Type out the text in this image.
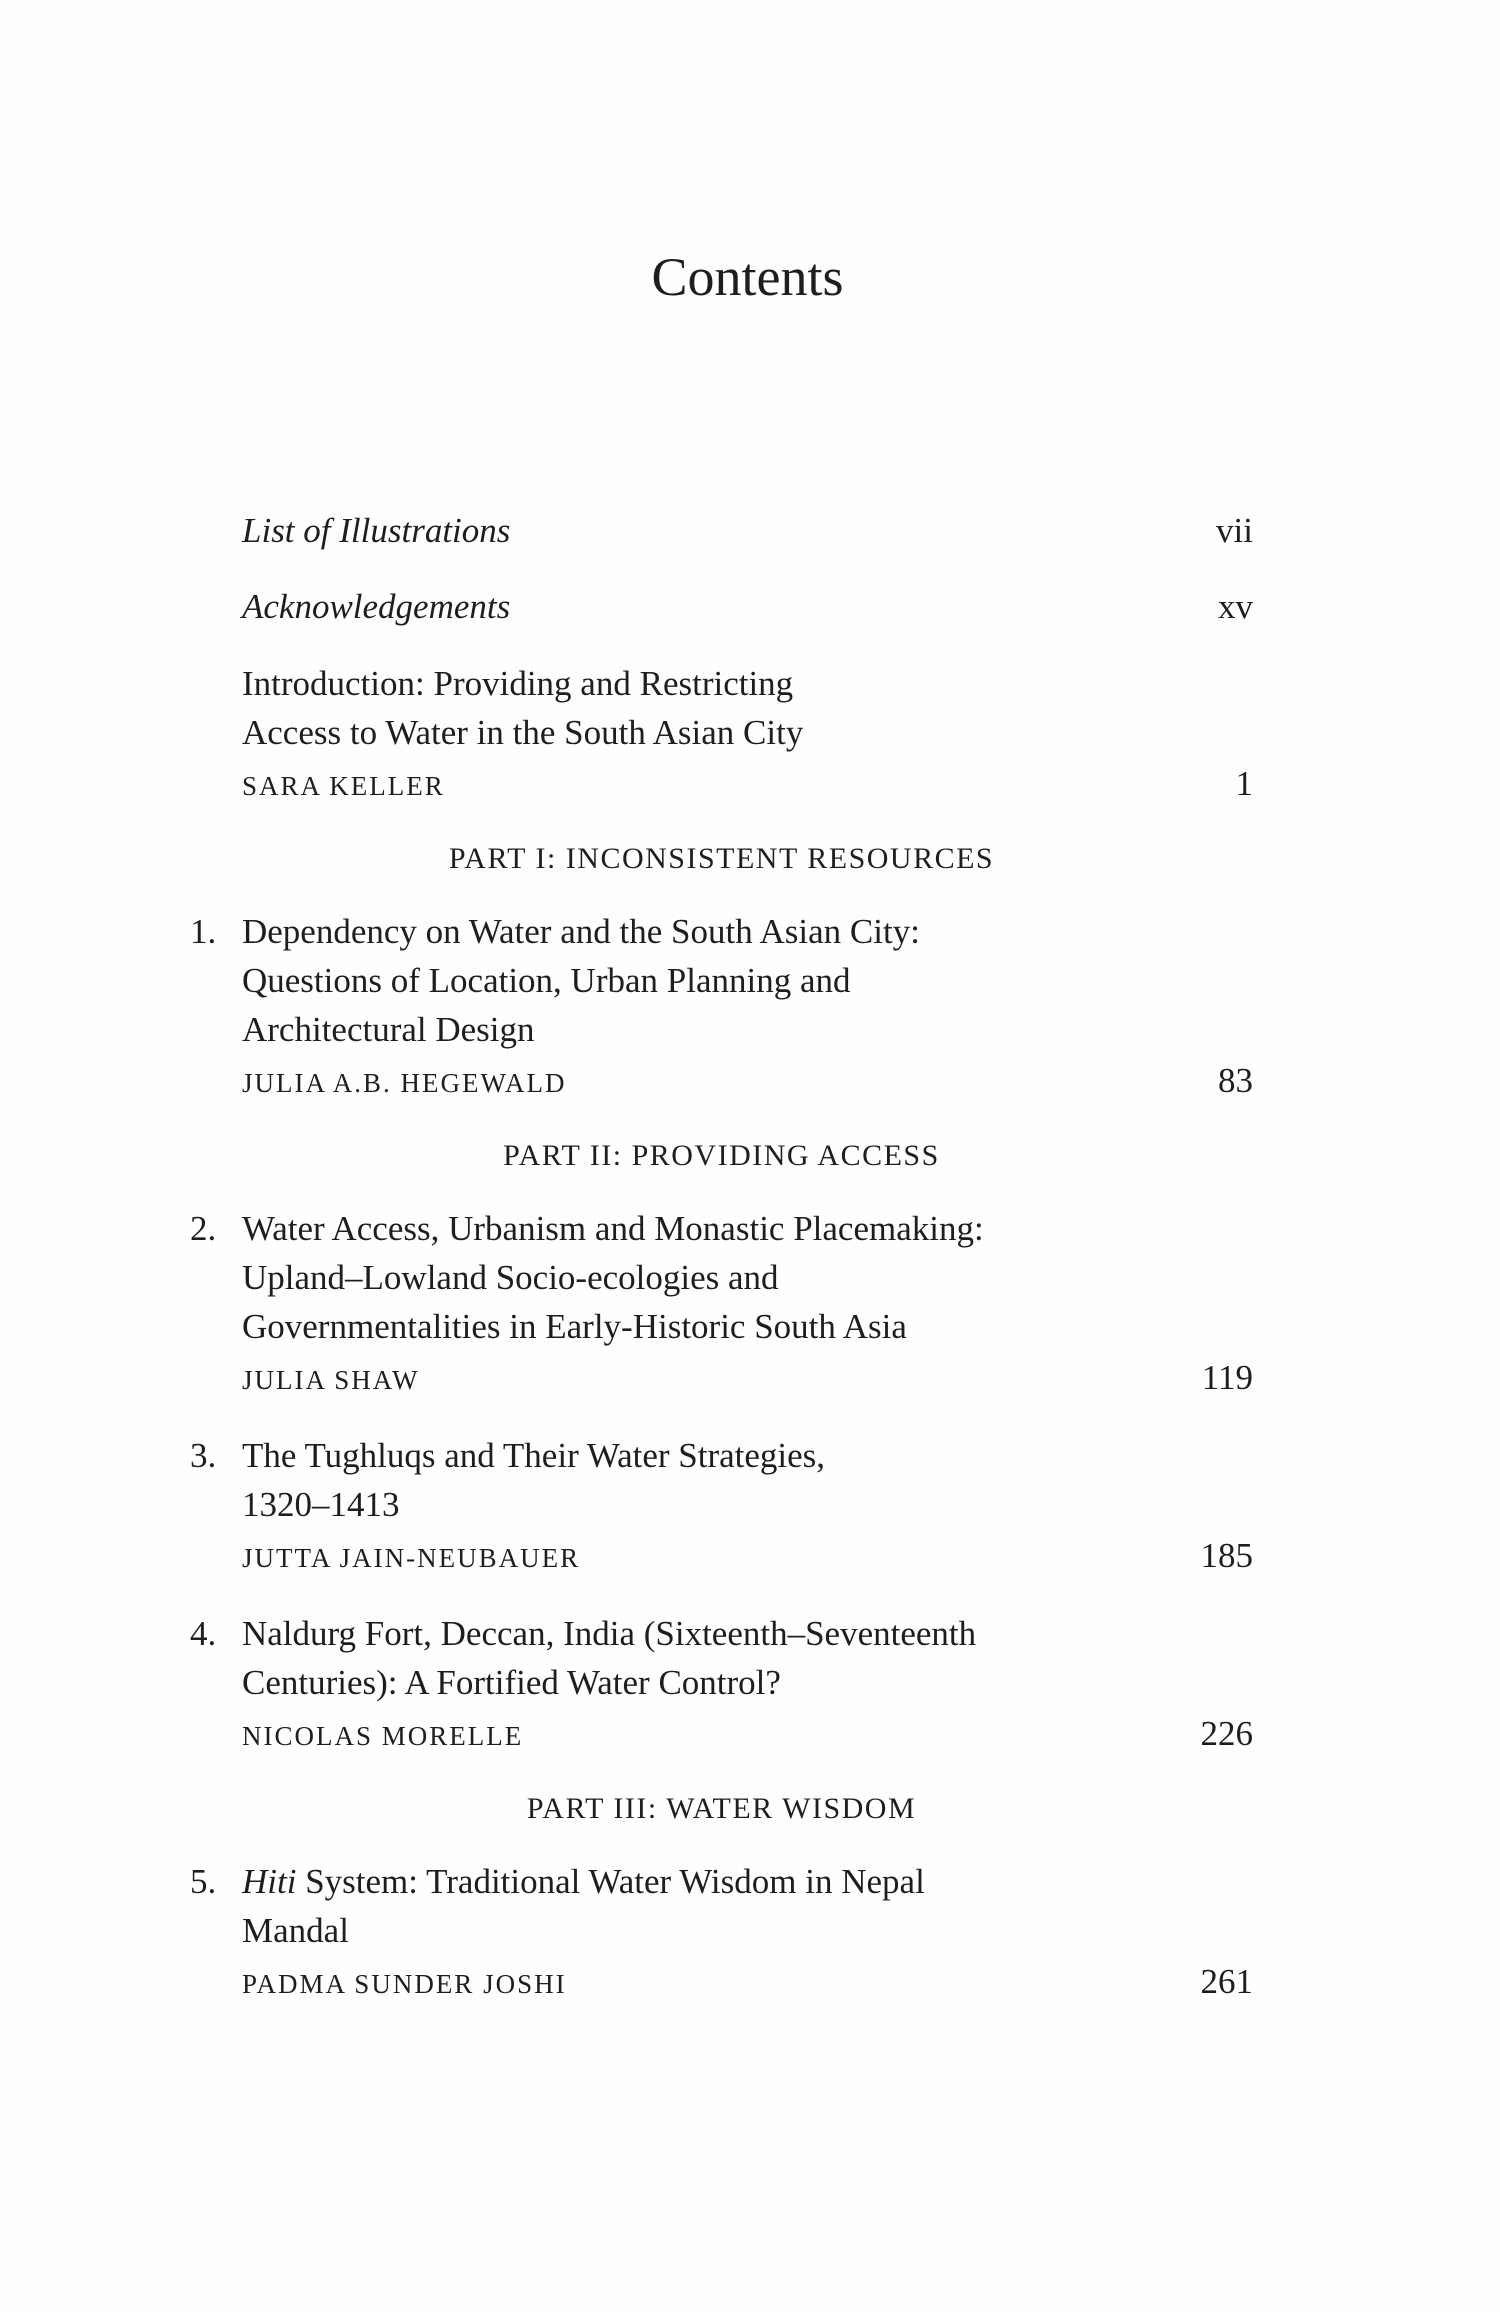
Contents
List of Illustrations	vii
Acknowledgements	xv
Introduction: Providing and Restricting
Access to Water in the South Asian City
SARA KELLER	1
PART I: INCONSISTENT RESOURCES
1. Dependency on Water and the South Asian City:
Questions of Location, Urban Planning and
Architectural Design
JULIA A.B. HEGEWALD	83
PART II: PROVIDING ACCESS
2. Water Access, Urbanism and Monastic Placemaking:
Upland–Lowland Socio-ecologies and
Governmentalities in Early-Historic South Asia
JULIA SHAW	119
3. The Tughluqs and Their Water Strategies,
1320–1413
JUTTA JAIN-NEUBAUER	185
4. Naldurg Fort, Deccan, India (Sixteenth–Seventeenth
Centuries): A Fortified Water Control?
NICOLAS MORELLE	226
PART III: WATER WISDOM
5. Hiti System: Traditional Water Wisdom in Nepal
Mandal
PADMA SUNDER JOSHI	261
